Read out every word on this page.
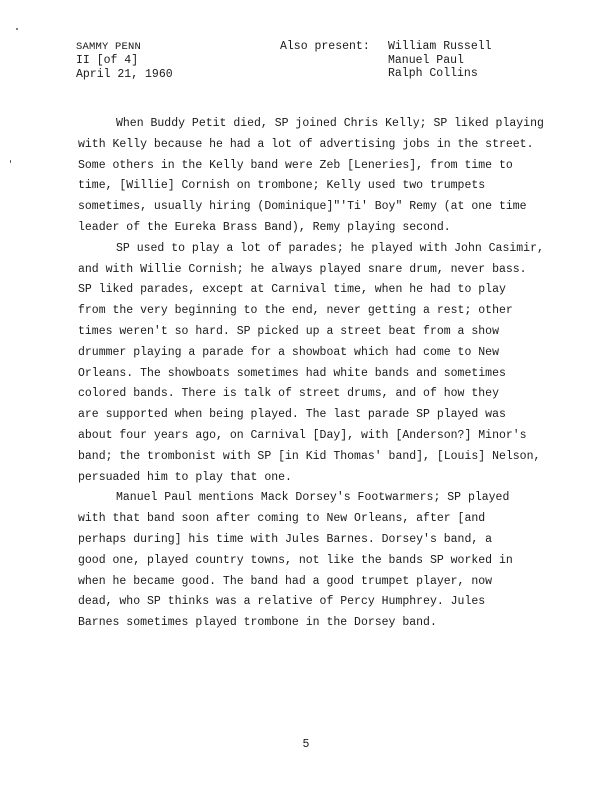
SAMMY PENN
II [of 4]
April 21, 1960
Also present: William Russell
Manuel Paul
Ralph Collins
When Buddy Petit died, SP joined Chris Kelly; SP liked playing
with Kelly because he had a lot of advertising jobs in the street.
Some others in the Kelly band were Zeb [Leneries], from time to
time, [Willie] Cornish on trombone; Kelly used two trumpets
sometimes, usually hiring (Dominique]"'Ti' Boy" Remy (at one time
leader of the Eureka Brass Band), Remy playing second.
SP used to play a lot of parades; he played with John Casimir,
and with Willie Cornish; he always played snare drum, never bass.
SP liked parades, except at Carnival time, when he had to play
from the very beginning to the end, never getting a rest; other
times weren't so hard. SP picked up a street beat from a show
drummer playing a parade for a showboat which had come to New
Orleans. The showboats sometimes had white bands and sometimes
colored bands. There is talk of street drums, and of how they
are supported when being played. The last parade SP played was
about four years ago, on Carnival [Day], with [Anderson?] Minor's
band; the trombonist with SP [in Kid Thomas' band], [Louis] Nelson,
persuaded him to play that one.
Manuel Paul mentions Mack Dorsey's Footwarmers; SP played
with that band soon after coming to New Orleans, after [and
perhaps during] his time with Jules Barnes. Dorsey's band, a
good one, played country towns, not like the bands SP worked in
when he became good. The band had a good trumpet player, now
dead, who SP thinks was a relative of Percy Humphrey. Jules
Barnes sometimes played trombone in the Dorsey band.
5
